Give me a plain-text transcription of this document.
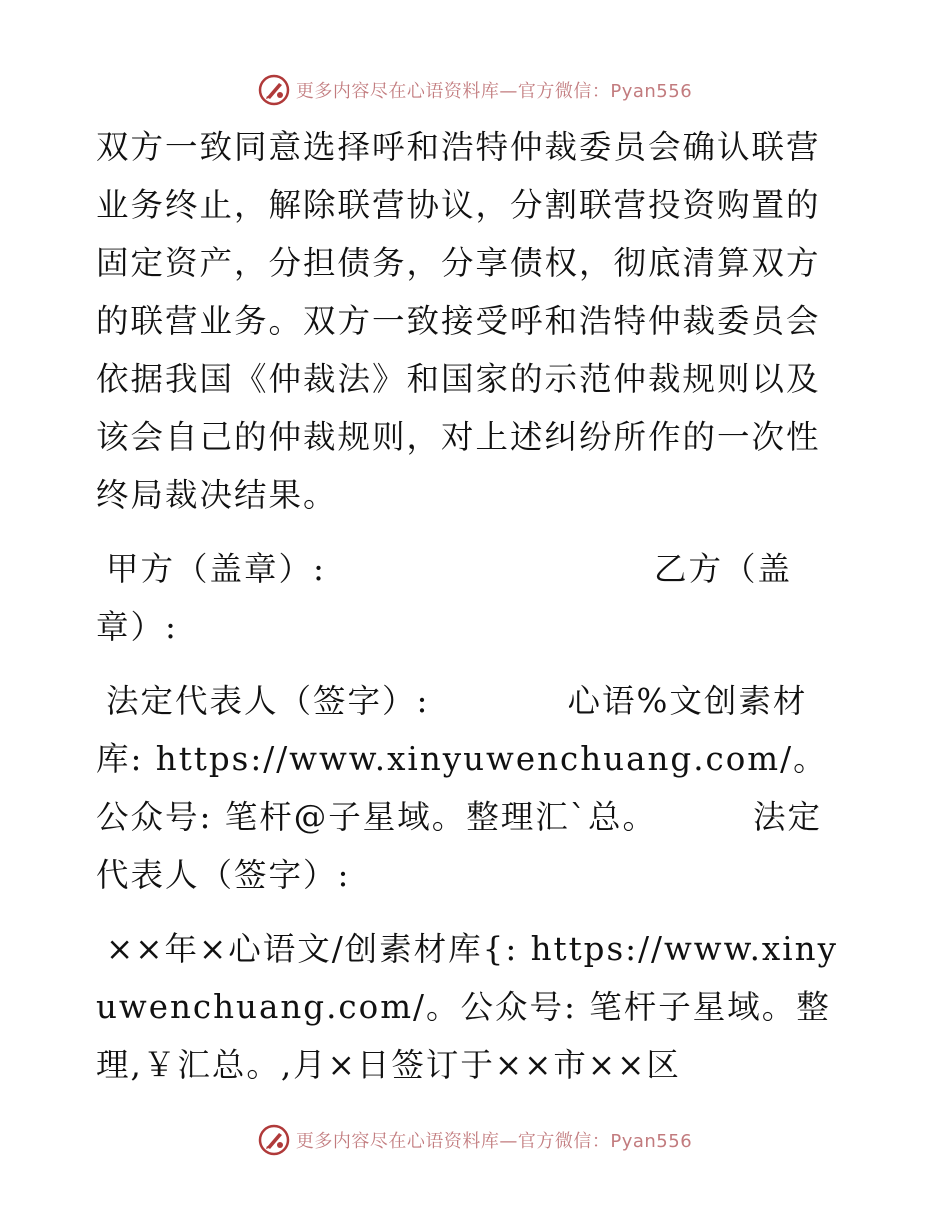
更多内容尽在心语资料库—官方微信：Pyan556

双方一致同意选择呼和浩特仲裁委员会确认联营业务终止，解除联营协议，分割联营投资购置的固定资产，分担债务，分享债权，彻底清算双方的联营业务。双方一致接受呼和浩特仲裁委员会依据我国《仲裁法》和国家的示范仲裁规则以及该会自己的仲裁规则，对上述纠纷所作的一次性终局裁决结果。

甲方（盖章）:	乙方（盖章）:

法定代表人（签字）:	心语%文创素材库: https://www.xinyuwenchuang.com/。公众号: 笔杆@子星域。整理汇`总。	法定代表人（签字）:

××年×心语文/创素材库{: https://www.xinyuwenchuang.com/。公众号: 笔杆子星域。整理,￥汇总。,月×日签订于××市××区

更多内容尽在心语资料库—官方微信：Pyan556
